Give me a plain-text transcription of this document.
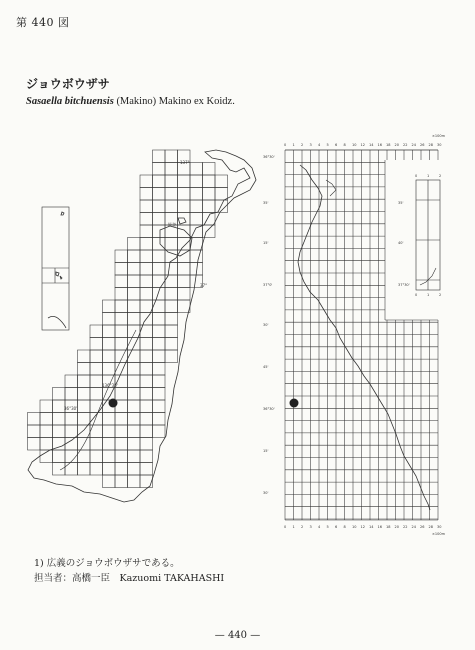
第 440 図
ジョウボウザサ
Sasaella bitchuensis (Makino) Makino ex Koidz.
137°
37°
136°30'
36°30'
能登
0 1 2 3 4 5 6 8 10 12 14 16 18 20 22 24 26 28 30
0 1 2 3 4 5 6 8 10 12 14 16 18 20 22 24 26 28 30
×100m
×100m
36°30'
35'
15'
37°0'
30'
45'
36°30'
15'
30'
35'
40'
37°30'
0	1	2
0	1	2
1) 広義のジョウボウザサである。
担当者：高橋一臣　Kazuomi TAKAHASHI
— 440 —
